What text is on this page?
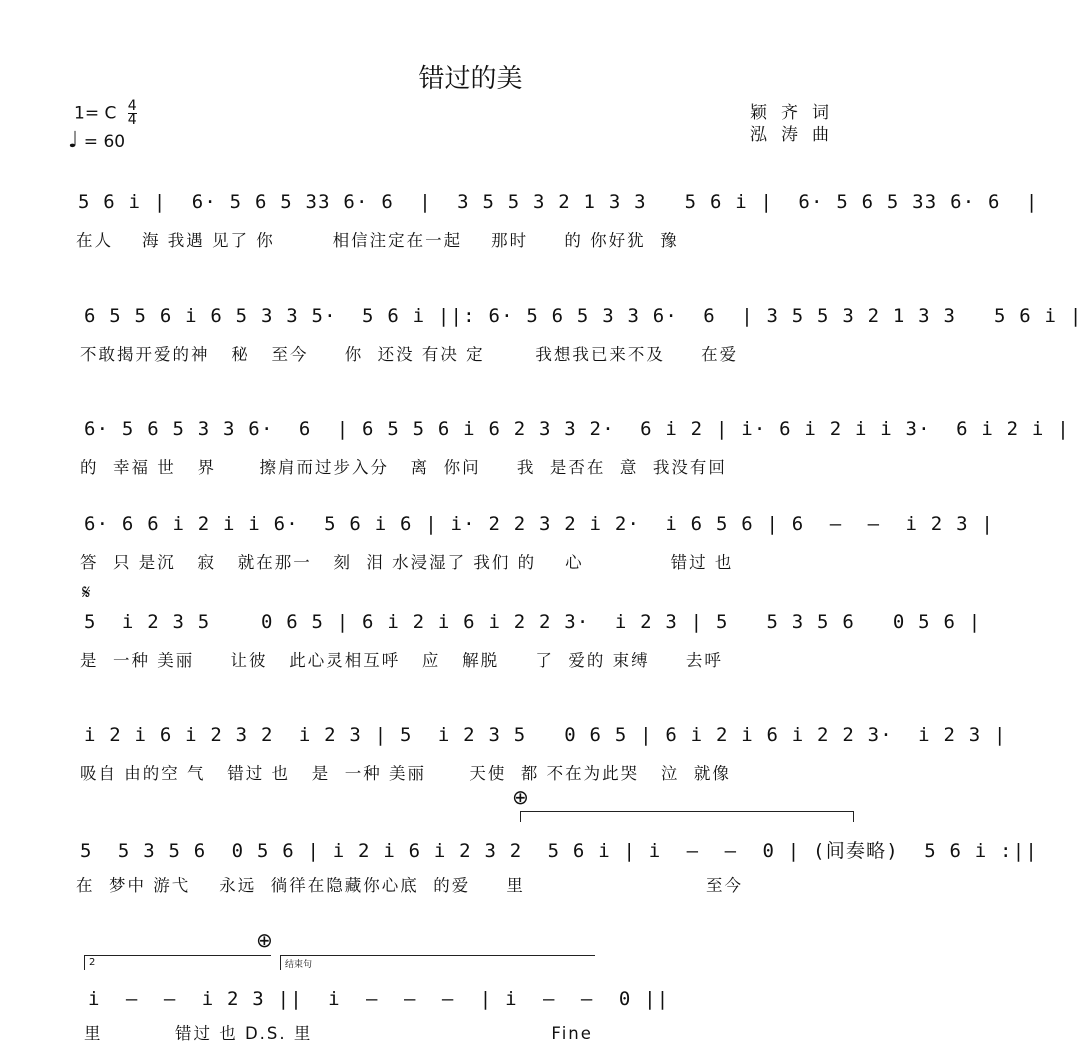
错过的美
1= C $\frac{4}{4}$
♩ = 60
颖齐词
泓涛曲
5 6 i |  6· 5 6 5 33 6· 6  |  3 5 5 3 2 1 3 3   5 6 i |  6· 5 6 5 33 6· 6  |
在人    海 我遇 见了 你        相信注定在一起    那时     的 你好犹  豫
6 5 5 6 i 6 5 3 3 5·  5 6 i ||: 6· 5 6 5 3 3 6·  6  | 3 5 5 3 2 1 3 3   5 6 i |
不敢揭开爱的神   秘   至今     你  还没 有决 定       我想我已来不及     在爱
6· 5 6 5 3 3 6·  6  | 6 5 5 6 i 6 2 3 3 2·  6 i 2 | i· 6 i 2 i i 3·  6 i 2 i |
的  幸福 世   界      擦肩而过步入分   离  你问     我  是否在  意  我没有回
6· 6 6 i 2 i i 6·  5 6 i 6 | i· 2 2 3 2 i 2·  i 6 5 6 | 6  —  —  i 2 3 |
答  只 是沉   寂   就在那一   刻  泪 水浸湿了 我们 的    心            错过 也
𝄋
5  i 2 3 5    0 6 5 | 6 i 2 i 6 i 2 2 3·  i 2 3 | 5   5 3 5 6   0 5 6 |
是  一种 美丽     让彼   此心灵相互呼   应   解脱     了  爱的 束缚     去呼
i 2 i 6 i 2 3 2  i 2 3 | 5  i 2 3 5   0 6 5 | 6 i 2 i 6 i 2 2 3·  i 2 3 |
吸自 由的空 气   错过 也   是  一种 美丽      天使  都 不在为此哭   泣  就像
⊕
5  5 3 5 6  0 5 6 | i 2 i 6 i 2 3 2  5 6 i | i  —  —  0 | (间奏略)  5 6 i :||
在  梦中 游弋    永远  徜徉在隐藏你心底  的爱     里                         至今
⊕
2	结束句
i  —  —  i 2 3 ||  i  —  —  —  | i  —  —  0 ||
里          错过 也 D.S. 里                                 Fine
